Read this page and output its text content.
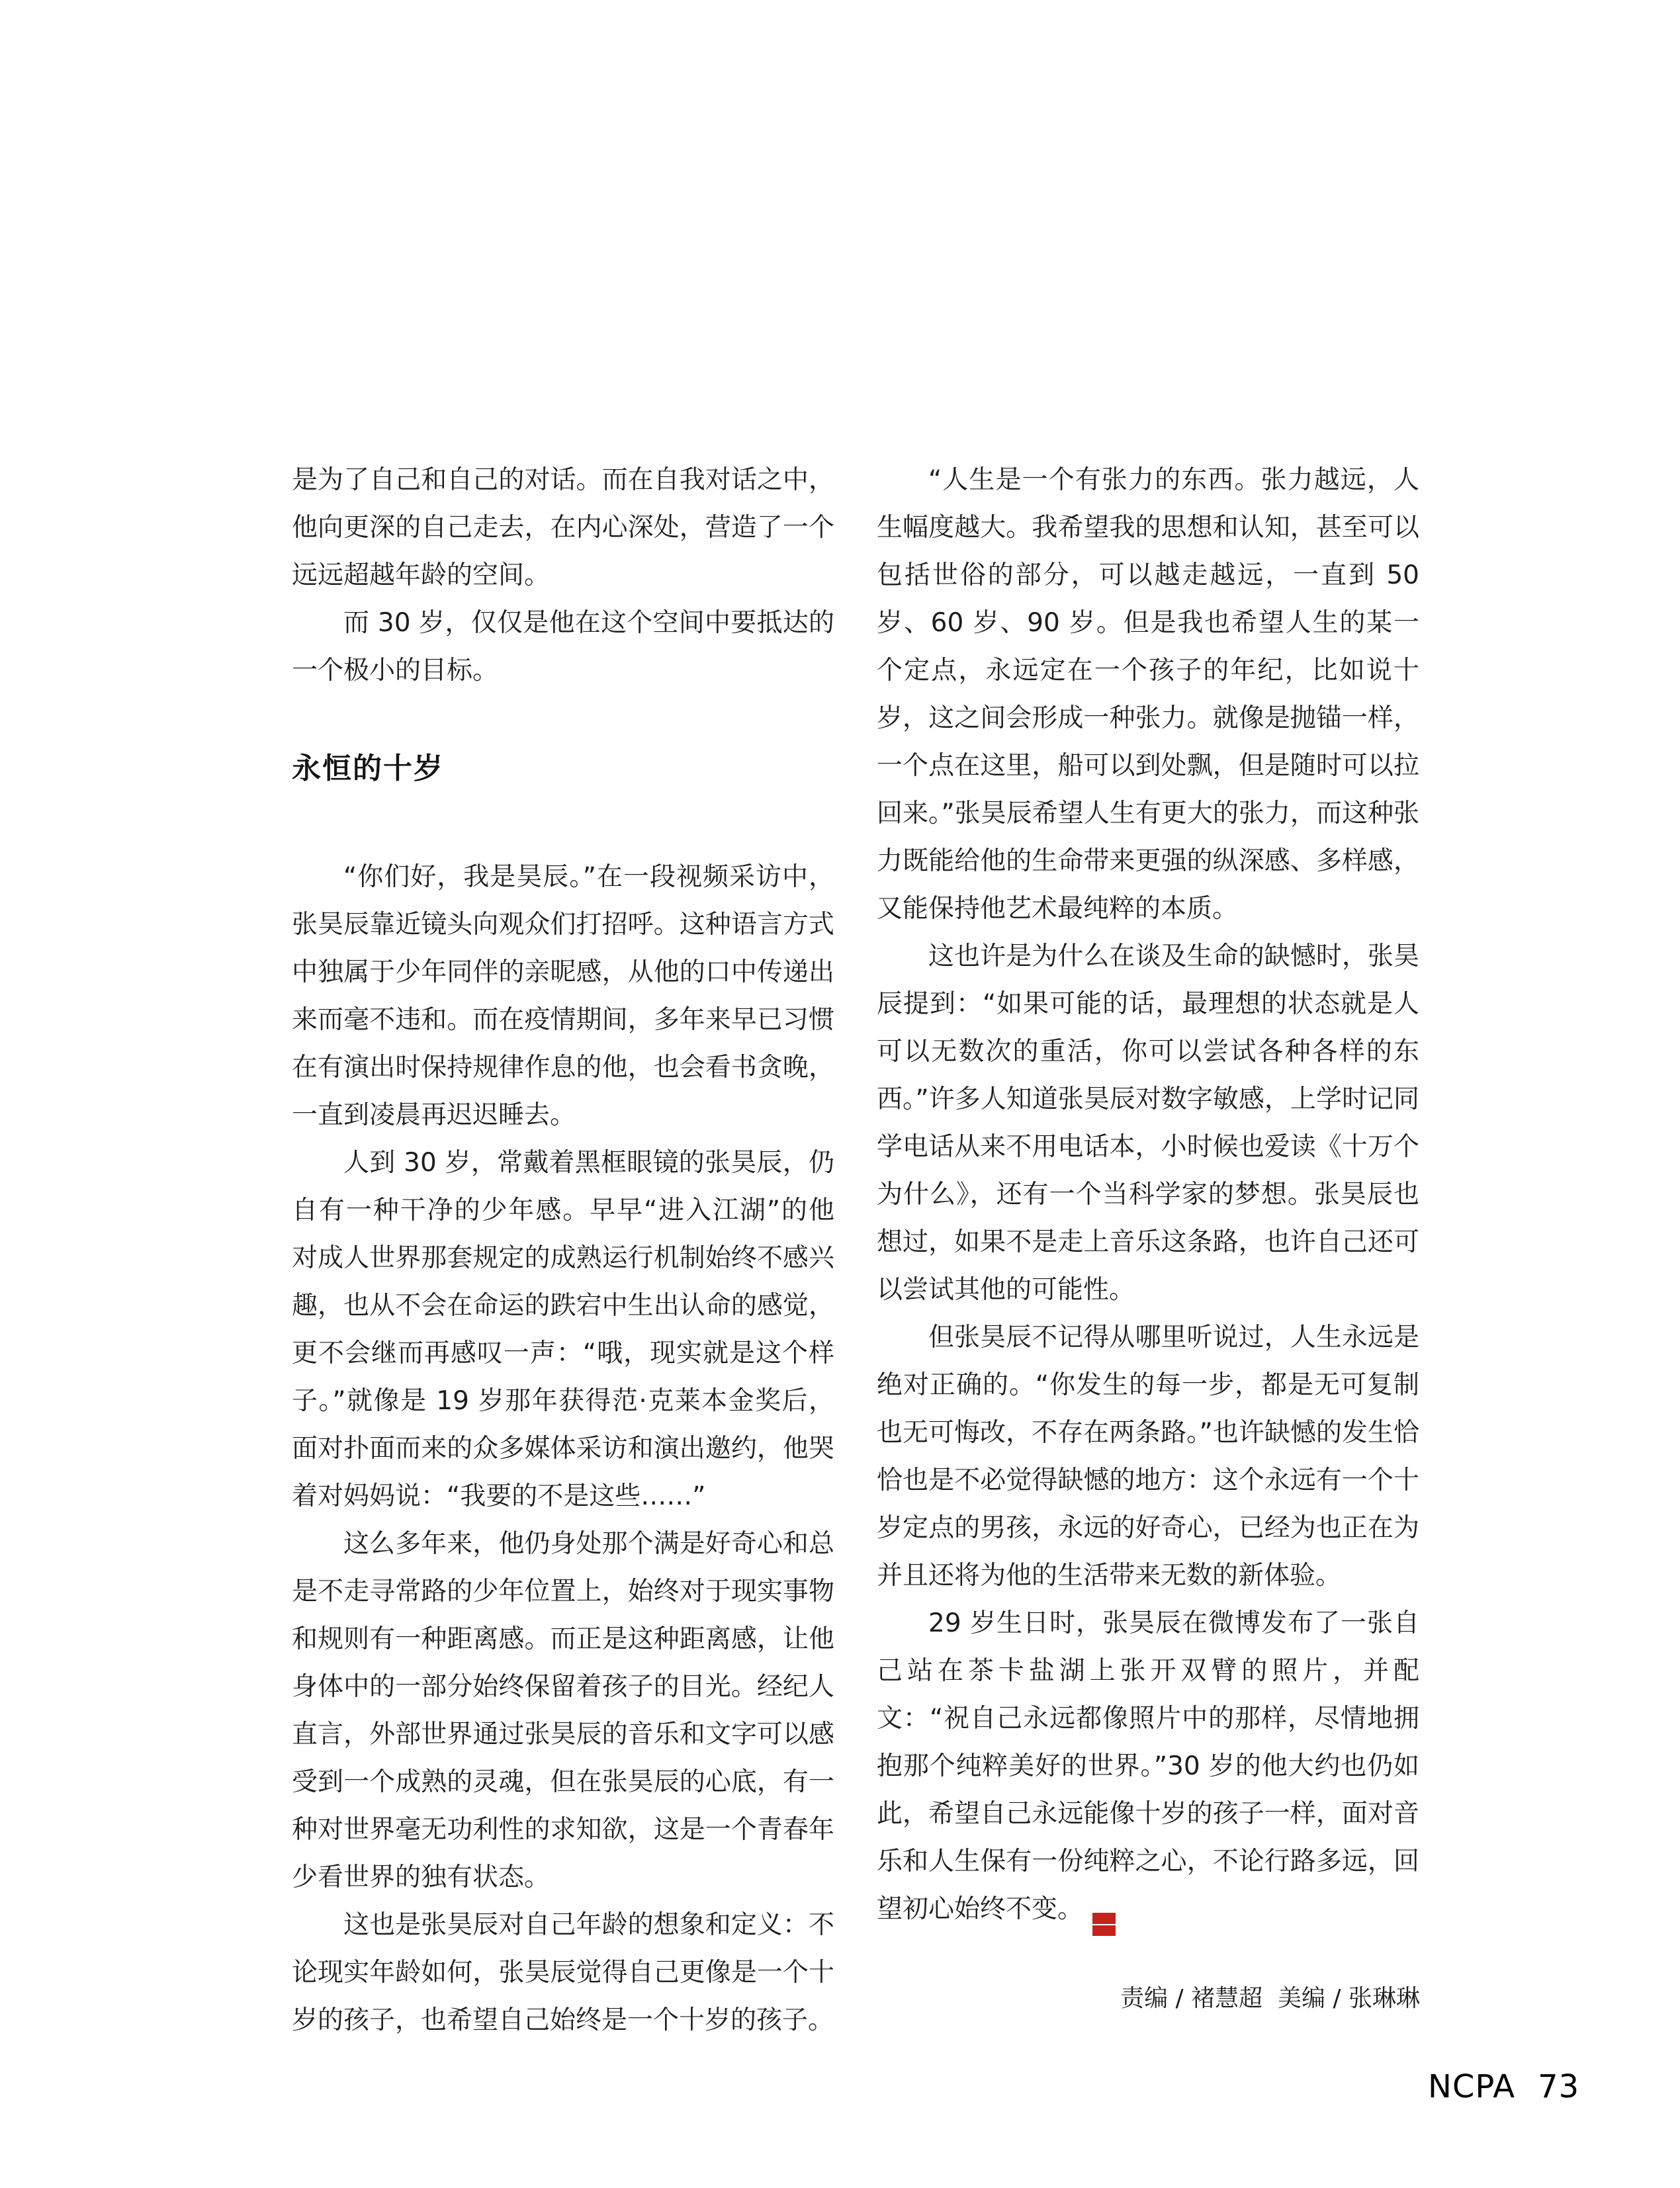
是为了自己和自己的对话。而在自我对话之中，他向更深的自己走去，在内心深处，营造了一个远远超越年龄的空间。

而 30 岁，仅仅是他在这个空间中要抵达的一个极小的目标。

永恒的十岁

“你们好，我是昊辰。”在一段视频采访中，张昊辰靠近镜头向观众们打招呼。这种语言方式中独属于少年同伴的亲昵感，从他的口中传递出来而毫不违和。而在疫情期间，多年来早已习惯在有演出时保持规律作息的他，也会看书贪晚，一直到凌晨再迟迟睡去。

人到 30 岁，常戴着黑框眼镜的张昊辰，仍自有一种干净的少年感。早早“进入江湖”的他对成人世界那套规定的成熟运行机制始终不感兴趣，也从不会在命运的跌宕中生出认命的感觉，更不会继而再感叹一声：“哦，现实就是这个样子。”就像是 19 岁那年获得范·克莱本金奖后，面对扑面而来的众多媒体采访和演出邀约，他哭着对妈妈说：“我要的不是这些……”

这么多年来，他仍身处那个满是好奇心和总是不走寻常路的少年位置上，始终对于现实事物和规则有一种距离感。而正是这种距离感，让他身体中的一部分始终保留着孩子的目光。经纪人直言，外部世界通过张昊辰的音乐和文字可以感受到一个成熟的灵魂，但在张昊辰的心底，有一种对世界毫无功利性的求知欲，这是一个青春年少看世界的独有状态。

这也是张昊辰对自己年龄的想象和定义：不论现实年龄如何，张昊辰觉得自己更像是一个十岁的孩子，也希望自己始终是一个十岁的孩子。

“人生是一个有张力的东西。张力越远，人生幅度越大。我希望我的思想和认知，甚至可以包括世俗的部分，可以越走越远，一直到 50 岁、60 岁、90 岁。但是我也希望人生的某一个定点，永远定在一个孩子的年纪，比如说十岁，这之间会形成一种张力。就像是抛锚一样，一个点在这里，船可以到处飘，但是随时可以拉回来。”张昊辰希望人生有更大的张力，而这种张力既能给他的生命带来更强的纵深感、多样感，又能保持他艺术最纯粹的本质。

这也许是为什么在谈及生命的缺憾时，张昊辰提到：“如果可能的话，最理想的状态就是人可以无数次的重活，你可以尝试各种各样的东西。”许多人知道张昊辰对数字敏感，上学时记同学电话从来不用电话本，小时候也爱读《十万个为什么》，还有一个当科学家的梦想。张昊辰也想过，如果不是走上音乐这条路，也许自己还可以尝试其他的可能性。

但张昊辰不记得从哪里听说过，人生永远是绝对正确的。“你发生的每一步，都是无可复制也无可悔改，不存在两条路。”也许缺憾的发生恰恰也是不必觉得缺憾的地方：这个永远有一个十岁定点的男孩，永远的好奇心，已经为也正在为并且还将为他的生活带来无数的新体验。

29 岁生日时，张昊辰在微博发布了一张自己站在茶卡盐湖上张开双臂的照片，并配文：“祝自己永远都像照片中的那样，尽情地拥抱那个纯粹美好的世界。”30 岁的他大约也仍如此，希望自己永远能像十岁的孩子一样，面对音乐和人生保有一份纯粹之心，不论行路多远，回望初心始终不变。
$\frac{NC}{PA}$

责编 / 褚慧超  美编 / 张琳琳
NCPA 73
